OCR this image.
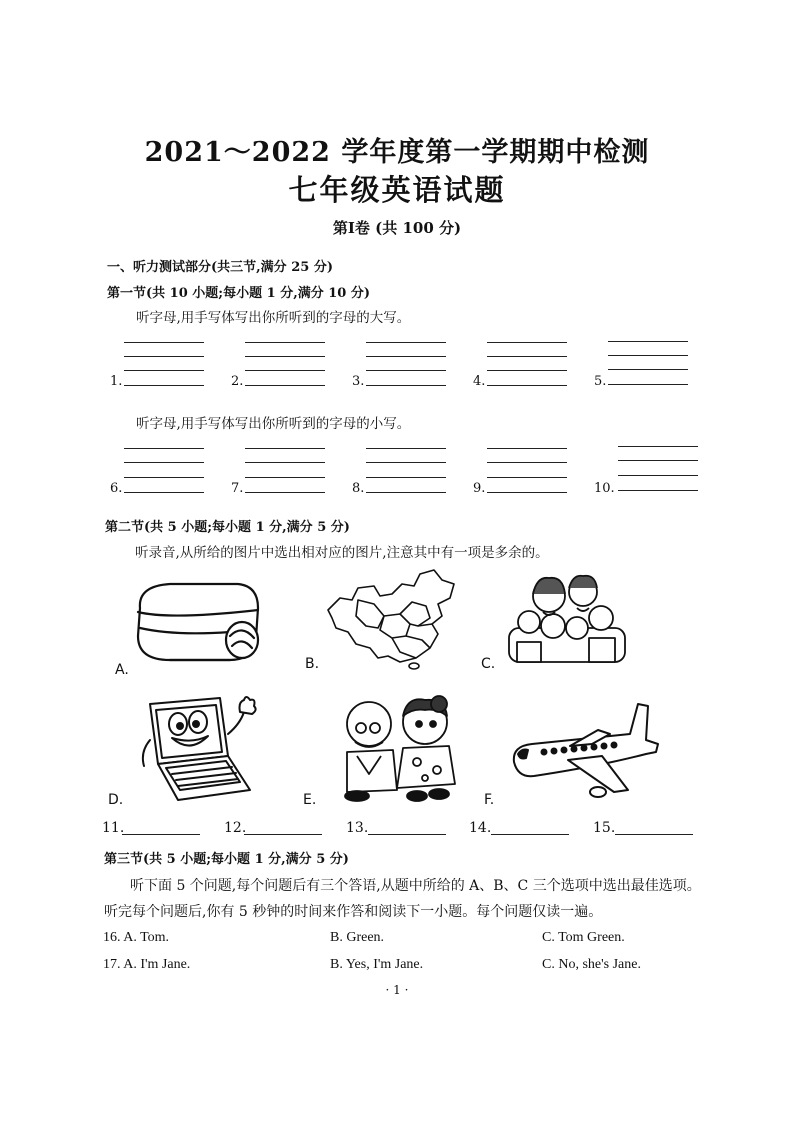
2021～2022 学年度第一学期期中检测
七年级英语试题
第Ⅰ卷 (共 100 分)
一、听力测试部分(共三节,满分 25 分)
第一节(共 10 小题;每小题 1 分,满分 10 分)
听字母,用手写体写出你所听到的字母的大写。
1.	2.	3.	4.	5.
听字母,用手写体写出你所听到的字母的小写。
6.	7.	8.	9.	10.
第二节(共 5 小题;每小题 1 分,满分 5 分)
听录音,从所给的图片中选出相对应的图片,注意其中有一项是多余的。
A.	B.	C.
D.	E.	F.
11.	12.	13.	14.	15.
第三节(共 5 小题;每小题 1 分,满分 5 分)
听下面 5 个问题,每个问题后有三个答语,从题中所给的 A、B、C 三个选项中选出最佳选项。
听完每个问题后,你有 5 秒钟的时间来作答和阅读下一小题。每个问题仅读一遍。
16. A. Tom.	B. Green.	C. Tom Green.
17. A. I'm Jane.	B. Yes, I'm Jane.	C. No, she's Jane.
· 1 ·
